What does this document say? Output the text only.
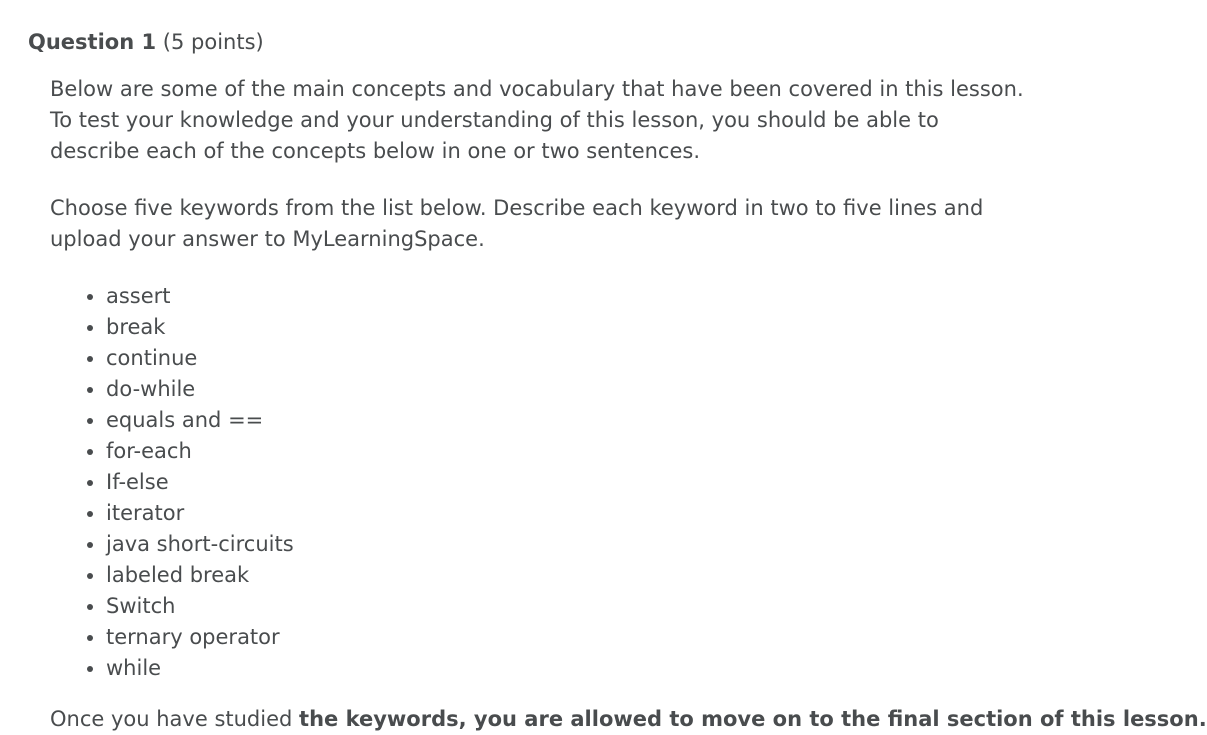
Question 1 (5 points)

Below are some of the main concepts and vocabulary that have been covered in this lesson. To test your knowledge and your understanding of this lesson, you should be able to describe each of the concepts below in one or two sentences.

Choose five keywords from the list below. Describe each keyword in two to five lines and upload your answer to MyLearningSpace.

assert
break
continue
do-while
equals and ==
for-each
If-else
iterator
java short-circuits
labeled break
Switch
ternary operator
while
Once you have studied the keywords, you are allowed to move on to the final section of this lesson.
